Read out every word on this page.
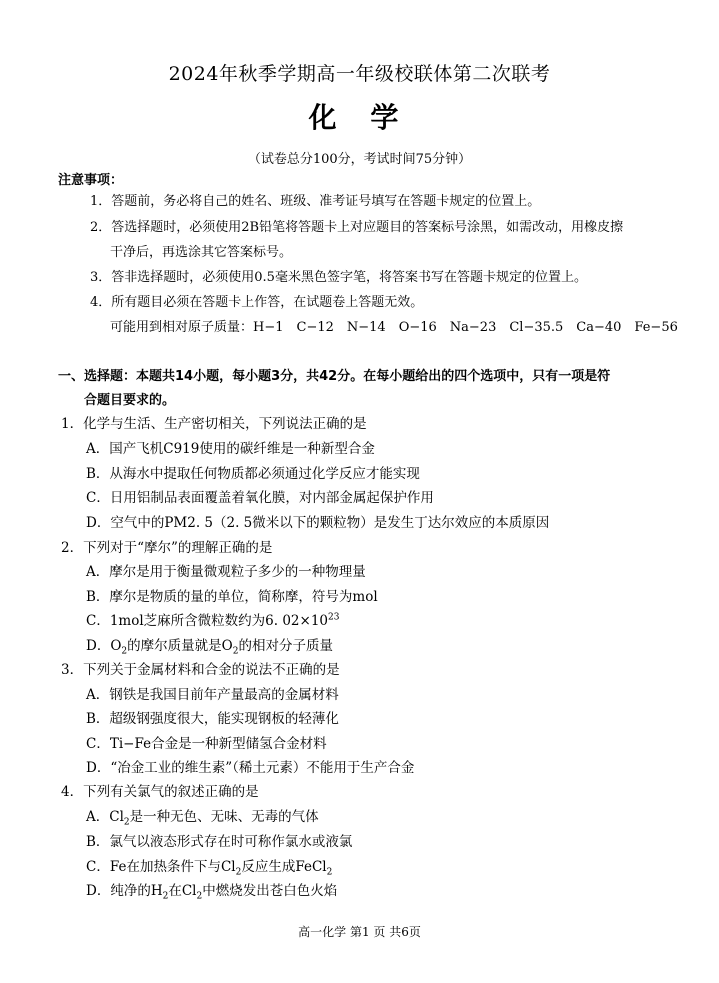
2024年秋季学期高一年级校联体第二次联考
化 学
（试卷总分100分，考试时间75分钟）
注意事项：
1．答题前，务必将自己的姓名、班级、准考证号填写在答题卡规定的位置上。
2．答选择题时，必须使用2B铅笔将答题卡上对应题目的答案标号涂黑，如需改动，用橡皮擦
干净后，再选涂其它答案标号。
3．答非选择题时，必须使用0.5毫米黑色签字笔，将答案书写在答题卡规定的位置上。
4．所有题目必须在答题卡上作答，在试题卷上答题无效。
可能用到相对原子质量：H−1　C−12　N−14　O−16　Na−23　Cl−35.5　Ca−40　Fe−56
一、选择题：本题共14小题，每小题3分，共42分。在每小题给出的四个选项中，只有一项是符
合题目要求的。
1．化学与生活、生产密切相关，下列说法正确的是
A．国产飞机C919使用的碳纤维是一种新型合金
B．从海水中提取任何物质都必须通过化学反应才能实现
C．日用铝制品表面覆盖着氧化膜，对内部金属起保护作用
D．空气中的PM2. 5（2. 5微米以下的颗粒物）是发生丁达尔效应的本质原因
2．下列对于“摩尔”的理解正确的是
A．摩尔是用于衡量微观粒子多少的一种物理量
B．摩尔是物质的量的单位，简称摩，符号为mol
C．1mol芝麻所含微粒数约为6. $02\times 10^{23}$
D．$O_2$的摩尔质量就是$O_2$的相对分子质量
3．下列关于金属材料和合金的说法不正确的是
A．钢铁是我国目前年产量最高的金属材料
B．超级钢强度很大，能实现钢板的轻薄化
C．Ti−Fe合金是一种新型储氢合金材料
D．“冶金工业的维生素”（稀土元素）不能用于生产合金
4．下列有关氯气的叙述正确的是
A．$Cl_2$是一种无色、无味、无毒的气体
B．氯气以液态形式存在时可称作氯水或液氯
C．Fe在加热条件下与$Cl_2$反应生成FeCl$_2$
D．纯净的$H_2$在$Cl_2$中燃烧发出苍白色火焰
高一化学 第1 页 共6页
